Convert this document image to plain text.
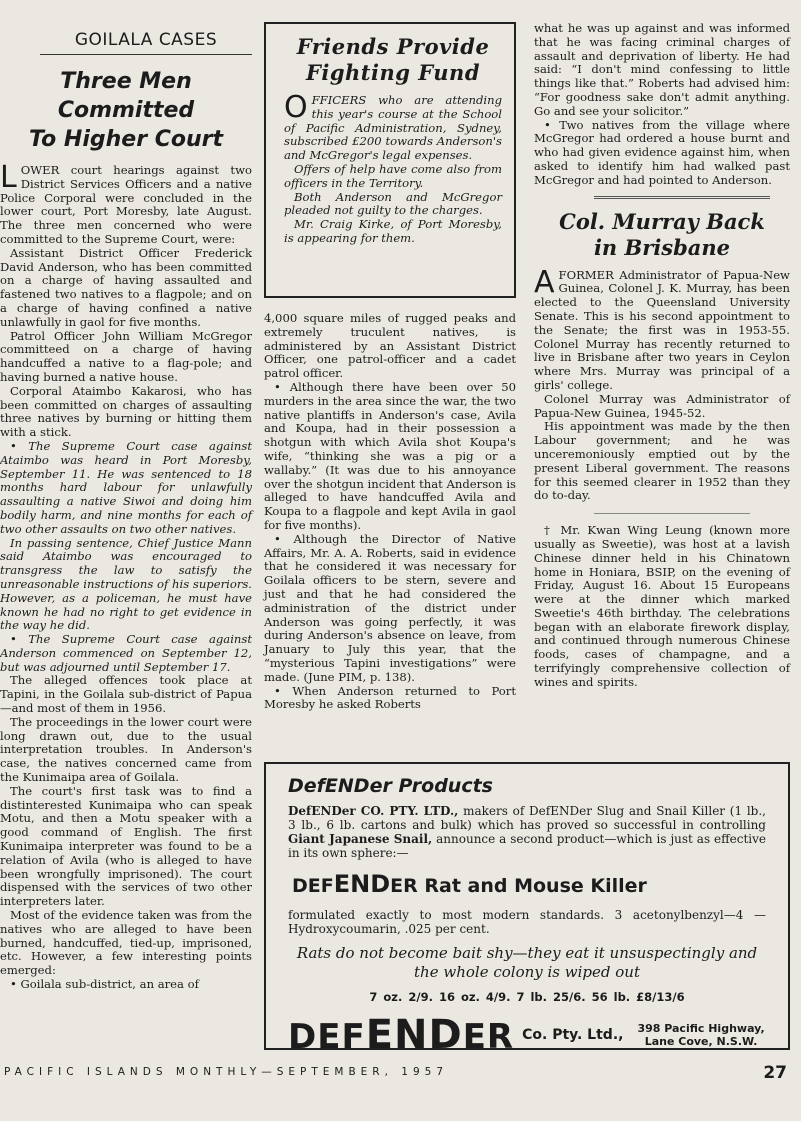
GOILALA CASES
Three Men Committed
To Higher Court

LOWER court hearings against two District Services Officers and a native Police Corporal were concluded in the lower court, Port Moresby, late August. The three men concerned who were committed to the Supreme Court, were:

Assistant District Officer Frederick David Anderson, who has been committed on a charge of having assaulted and fastened two natives to a flagpole; and on a charge of having confined a native unlawfully in gaol for five months.

Patrol Officer John William McGregor committeed on a charge of having handcuffed a native to a flag-pole; and having burned a native house.

Corporal Ataimbo Kakarosi, who has been committed on charges of assaulting three natives by burning or hitting them with a stick.

• The Supreme Court case against Ataimbo was heard in Port Moresby, September 11. He was sentenced to 18 months hard labour for unlawfully assaulting a native Siwoi and doing him bodily harm, and nine months for each of two other assaults on two other natives.

In passing sentence, Chief Justice Mann said Ataimbo was encouraged to transgress the law to satisfy the unreasonable instructions of his superiors. However, as a policeman, he must have known he had no right to get evidence in the way he did.

• The Supreme Court case against Anderson commenced on September 12, but was adjourned until September 17.

The alleged offences took place at Tapini, in the Goilala sub-district of Papua—and most of them in 1956.

The proceedings in the lower court were long drawn out, due to the usual interpretation troubles. In Anderson's case, the natives concerned came from the Kunimaipa area of Goilala.

The court's first task was to find a distinterested Kunimaipa who can speak Motu, and then a Motu speaker with a good command of English. The first Kunimaipa interpreter was found to be a relation of Avila (who is alleged to have been wrongfully imprisoned). The court dispensed with the services of two other interpreters later.

Most of the evidence taken was from the natives who are alleged to have been burned, handcuffed, tied-up, imprisoned, etc. However, a few interesting points emerged:

• Goilala sub-district, an area of

Friends Provide
Fighting Fund

OFFICERS who are attending this year's course at the School of Pacific Administration, Sydney, subscribed £200 towards Anderson's and McGregor's legal expenses.

Offers of help have come also from officers in the Territory.

Both Anderson and McGregor pleaded not guilty to the charges.

Mr. Craig Kirke, of Port Moresby, is appearing for them.

4,000 square miles of rugged peaks and extremely truculent natives, is administered by an Assistant District Officer, one patrol-officer and a cadet patrol officer.

• Although there have been over 50 murders in the area since the war, the two native plantiffs in Anderson's case, Avila and Koupa, had in their possession a shotgun with which Avila shot Koupa's wife, “thinking she was a pig or a wallaby.” (It was due to his annoyance over the shotgun incident that Anderson is alleged to have handcuffed Avila and Koupa to a flagpole and kept Avila in gaol for five months).

• Although the Director of Native Affairs, Mr. A. A. Roberts, said in evidence that he considered it was necessary for Goilala officers to be stern, severe and just and that he had considered the administration of the district under Anderson was going perfectly, it was during Anderson's absence on leave, from January to July this year, that the “mysterious Tapini investigations” were made. (June PIM, p. 138).

• When Anderson returned to Port Moresby he asked Roberts

what he was up against and was informed that he was facing criminal charges of assault and deprivation of liberty. He had said: “I don't mind confessing to little things like that.” Roberts had advised him: “For goodness sake don't admit anything. Go and see your solicitor.”

• Two natives from the village where McGregor had ordered a house burnt and who had given evidence against him, when asked to identify him had walked past McGregor and had pointed to Anderson.

Col. Murray Back
in Brisbane

AFORMER Administrator of Papua-New Guinea, Colonel J. K. Murray, has been elected to the Queensland University Senate. This is his second appointment to the Senate; the first was in 1953-55. Colonel Murray has recently returned to live in Brisbane after two years in Ceylon where Mrs. Murray was principal of a girls' college.

Colonel Murray was Administrator of Papua-New Guinea, 1945-52.

His appointment was made by the then Labour government; and he was unceremoniously emptied out by the present Liberal government. The reasons for this seemed clearer in 1952 than they do to-day.

† Mr. Kwan Wing Leung (known more usually as Sweetie), was host at a lavish Chinese dinner held in his Chinatown home in Honiara, BSIP, on the evening of Friday, August 16. About 15 Europeans were at the dinner which marked Sweetie's 46th birthday. The celebrations began with an elaborate firework display, and continued through numerous Chinese foods, cases of champagne, and a terrifyingly comprehensive collection of wines and spirits.

DefENDer Products
DefENDer CO. PTY. LTD., makers of DefENDer Slug and Snail Killer (1 lb., 3 lb., 6 lb. cartons and bulk) which has proved so successful in controlling Giant Japanese Snail, announce a second product—which is just as effective in its own sphere:—
DEFENDER Rat and Mouse Killer
formulated exactly to most modern standards. 3 acetonylbenzyl—4 —Hydroxycoumarin, .025 per cent.
Rats do not become bait shy—they eat it unsuspectingly and the whole colony is wiped out
7 oz. 2/9. 16 oz. 4/9. 7 lb. 25/6. 56 lb. £8/13/6
DEFENDER Co. Pty. Ltd., 398 Pacific Highway,
Lane Cove, N.S.W.
PACIFIC ISLANDS MONTHLY—SEPTEMBER, 1957	27
